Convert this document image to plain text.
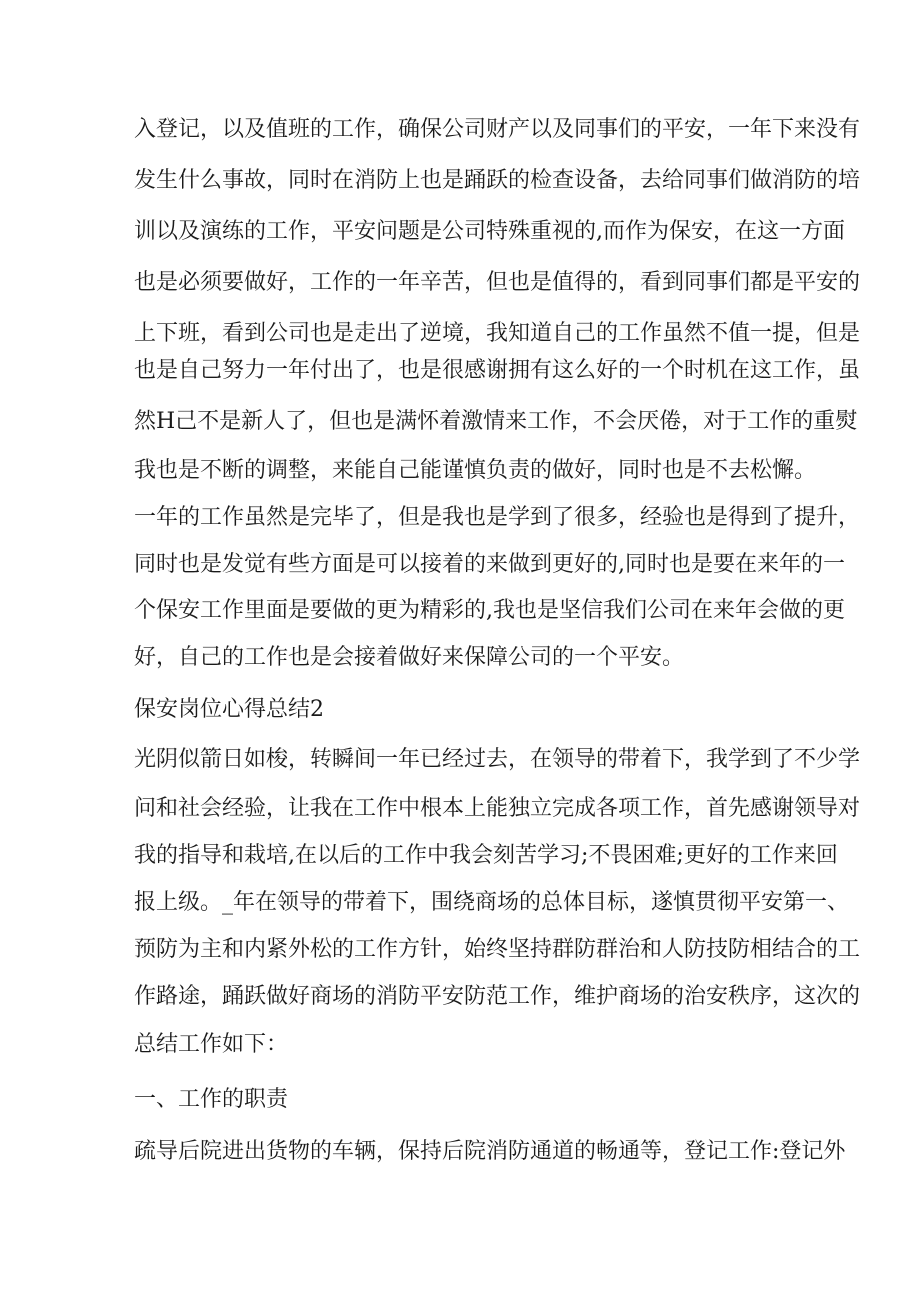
入登记，以及值班的工作，确保公司财产以及同事们的平安，一年下来没有

发生什么事故，同时在消防上也是踊跃的检查设备，去给同事们做消防的培

训以及演练的工作，平安问题是公司特殊重视的,而作为保安，在这一方面

也是必须要做好，工作的一年辛苦，但也是值得的，看到同事们都是平安的

上下班，看到公司也是走出了逆境，我知道自己的工作虽然不值一提，但是

也是自己努力一年付出了，也是很感谢拥有这么好的一个时机在这工作，虽

然H己不是新人了，但也是满怀着激情来工作，不会厌倦，对于工作的重熨

我也是不断的调整，来能自己能谨慎负责的做好，同时也是不去松懈。

一年的工作虽然是完毕了，但是我也是学到了很多，经验也是得到了提升，

同时也是发觉有些方面是可以接着的来做到更好的,同时也是要在来年的一

个保安工作里面是要做的更为精彩的,我也是坚信我们公司在来年会做的更

好，自己的工作也是会接着做好来保障公司的一个平安。

保安岗位心得总结2

光阴似箭日如梭，转瞬间一年已经过去，在领导的带着下，我学到了不少学

问和社会经验，让我在工作中根本上能独立完成各项工作，首先感谢领导对

我的指导和栽培,在以后的工作中我会刻苦学习;不畏困难;更好的工作来回

报上级。_年在领导的带着下，围绕商场的总体目标，遂慎贯彻平安第一、

预防为主和内紧外松的工作方针，始终坚持群防群治和人防技防相结合的工

作路途，踊跃做好商场的消防平安防范工作，维护商场的治安秩序，这次的

总结工作如下：

一、工作的职责

疏导后院进出货物的车辆，保持后院消防通道的畅通等，登记工作:登记外
